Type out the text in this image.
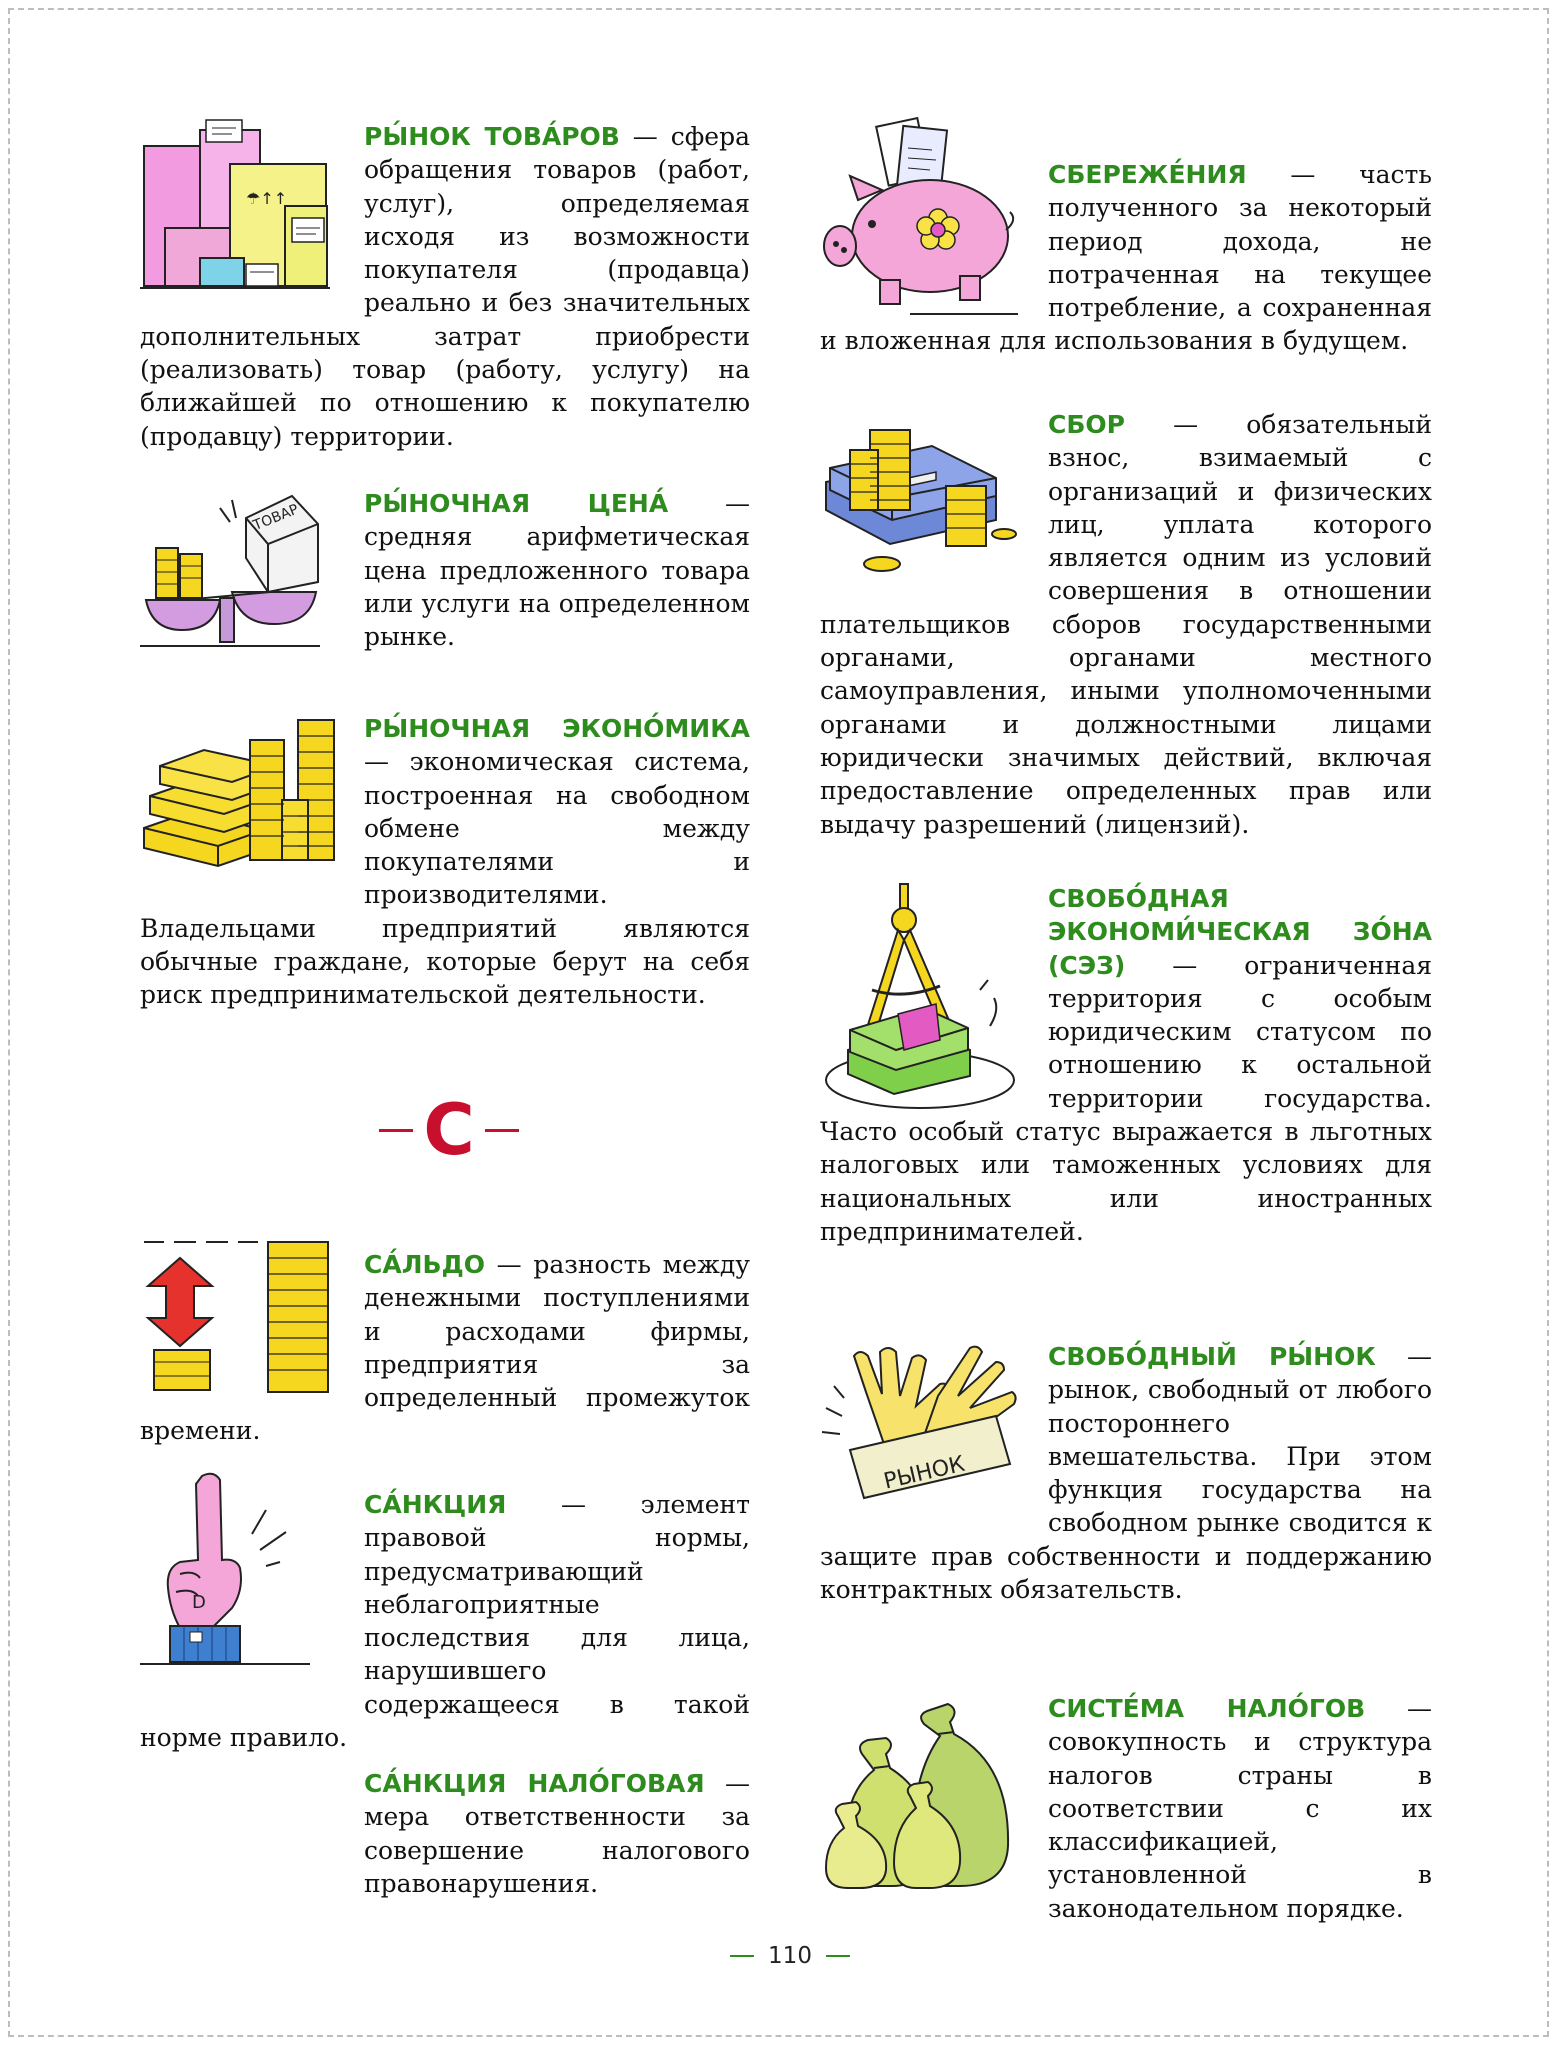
☂↑↑
РЫ́НОК ТОВА́РОВ — сфера обращения товаров (работ, услуг), определяемая исходя из возможности покупателя (продавца) реально и без значительных дополнительных затрат приобрести (реализовать) товар (работу, услугу) на ближайшей по отношению к покупателю (продавцу) территории.
ТОВАР	РЫ́НОЧНАЯ ЦЕНА́ — средняя арифметическая цена предложенного товара или услуги на определенном рынке.
РЫ́НОЧНАЯ ЭКОНО́МИКА — экономическая система, построенная на свободном обмене между покупателями и производителями. Владельцами предприятий являются обычные граждане, которые берут на себя риск предпринимательской деятельности.
С
СА́ЛЬДО — разность между денежными поступлениями и расходами фирмы, предприятия за определенный промежуток времени.
D
СА́НКЦИЯ — элемент правовой нормы, предусматривающий неблагоприятные последствия для лица, нарушившего содержащееся в такой норме правило.
СА́НКЦИЯ НАЛО́ГОВАЯ — мера ответственности за совершение налогового правонарушения.
СБЕРЕЖЕ́НИЯ — часть полученного за некоторый период дохода, не потраченная на текущее потребление, а сохраненная и вложенная для использования в будущем.
СБОР — обязательный взнос, взимаемый с организаций и физических лиц, уплата которого является одним из условий совершения в отношении плательщиков сборов государственными органами, органами местного самоуправления, иными уполномоченными органами и должностными лицами юридически значимых действий, включая предоставление определенных прав или выдачу разрешений (лицензий).
СВОБО́ДНАЯ ЭКОНОМИ́ЧЕСКАЯ ЗО́НА (СЭЗ) — ограниченная территория с особым юридическим статусом по отношению к остальной территории государства. Часто особый статус выражается в льготных налоговых или таможенных условиях для национальных или иностранных предпринимателей.
РЫНОК
СВОБО́ДНЫЙ РЫ́НОК — рынок, свободный от любого постороннего вмешательства. При этом функция государства на свободном рынке сводится к защите прав собственности и поддержанию контрактных обязательств.
СИСТЕ́МА НАЛО́ГОВ — совокупность и структура налогов страны в соответствии с их классификацией, установленной в законодательном порядке.
110
